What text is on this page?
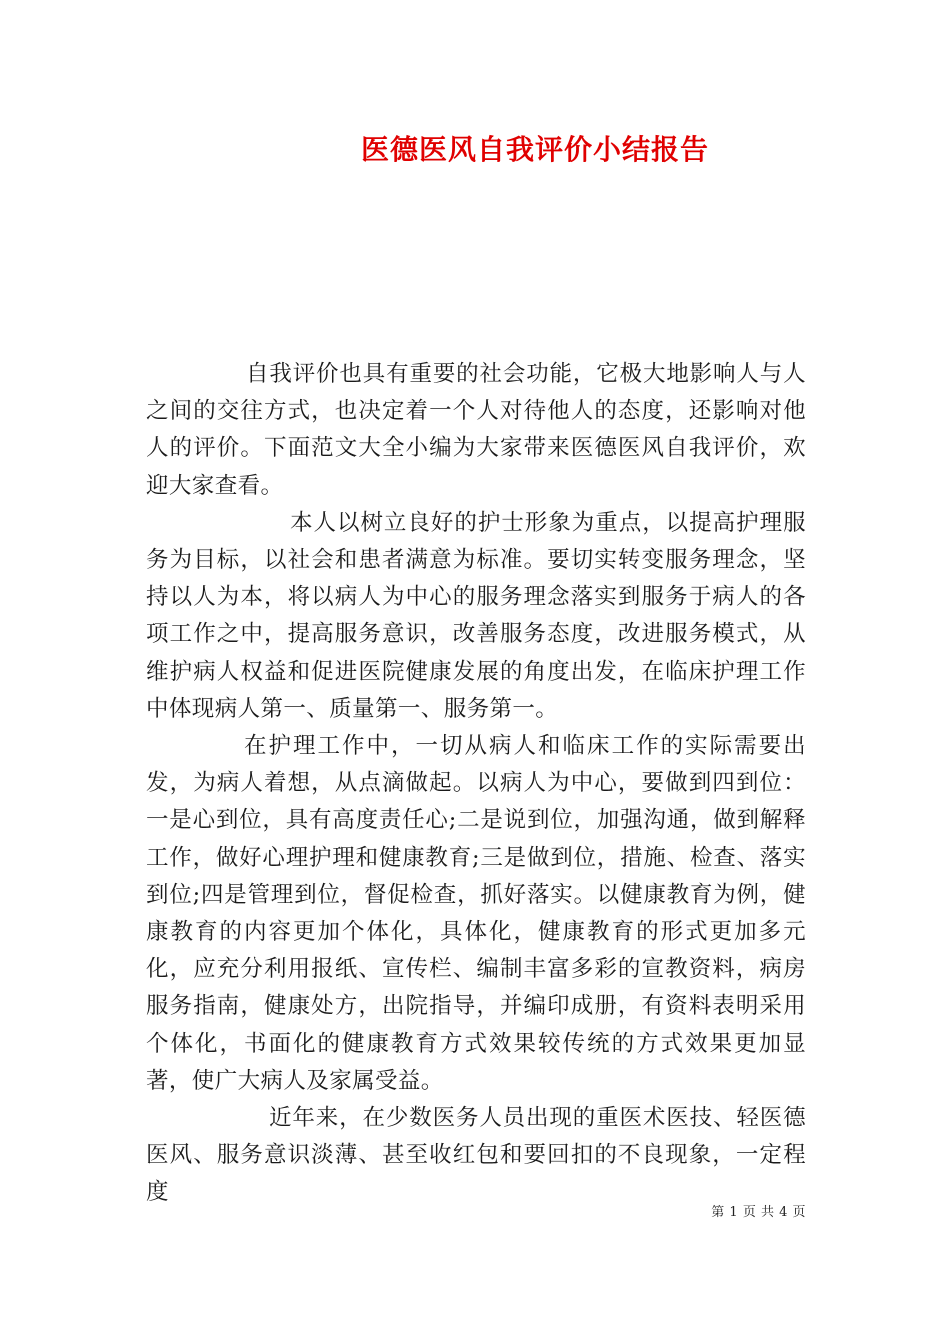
医德医风自我评价小结报告

自我评价也具有重要的社会功能，它极大地影响人与人之间的交往方式，也决定着一个人对待他人的态度，还影响对他人的评价。下面范文大全小编为大家带来医德医风自我评价，欢迎大家查看。

本人以树立良好的护士形象为重点，以提高护理服务为目标，以社会和患者满意为标准。要切实转变服务理念，坚持以人为本，将以病人为中心的服务理念落实到服务于病人的各项工作之中，提高服务意识，改善服务态度，改进服务模式，从维护病人权益和促进医院健康发展的角度出发，在临床护理工作中体现病人第一、质量第一、服务第一。

在护理工作中，一切从病人和临床工作的实际需要出发，为病人着想，从点滴做起。以病人为中心，要做到四到位：一是心到位，具有高度责任心;二是说到位，加强沟通，做到解释工作，做好心理护理和健康教育;三是做到位，措施、检查、落实到位;四是管理到位，督促检查，抓好落实。以健康教育为例，健康教育的内容更加个体化，具体化，健康教育的形式更加多元化，应充分利用报纸、宣传栏、编制丰富多彩的宣教资料，病房服务指南，健康处方，出院指导，并编印成册，有资料表明采用个体化，书面化的健康教育方式效果较传统的方式效果更加显著，使广大病人及家属受益。

近年来，在少数医务人员出现的重医术医技、轻医德医风、服务意识淡薄、甚至收红包和要回扣的不良现象，一定程度

第 1 页 共 4 页
